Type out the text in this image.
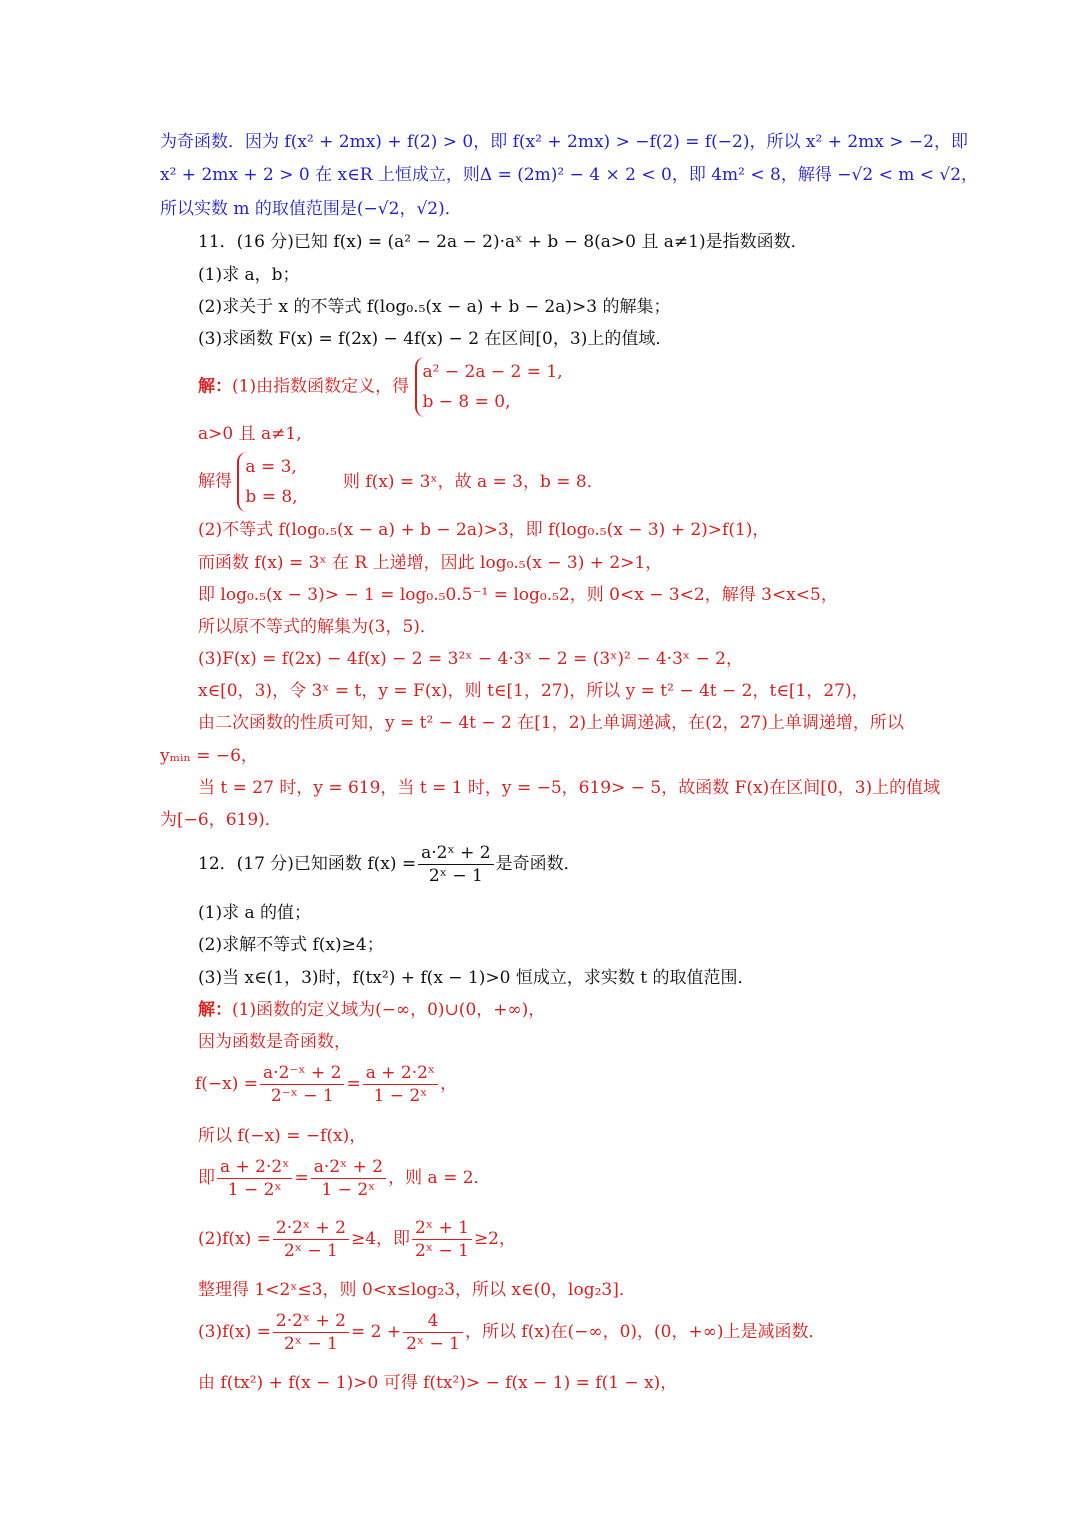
为奇函数．因为 f(x² + 2mx) + f(2) > 0，即 f(x² + 2mx) > −f(2) = f(−2)，所以 x² + 2mx > −2，即
x² + 2mx + 2 > 0 在 x∈R 上恒成立，则Δ = (2m)² − 4 × 2 < 0，即 4m² < 8，解得 −√2 < m < √2，
所以实数 m 的取值范围是(−√2，√2)．
11．(16 分)已知 f(x) = (a² − 2a − 2)·aˣ + b − 8(a>0 且 a≠1)是指数函数．
(1)求 a，b；
(2)求关于 x 的不等式 f(log₀.₅(x − a) + b − 2a)>3 的解集；
(3)求函数 F(x) = f(2x) − 4f(x) − 2 在区间[0，3)上的值域．
解：(1)由指数函数定义，得
a² − 2a − 2 = 1,
b − 8 = 0,
a>0 且 a≠1,
解得
a = 3,
b = 8,
则 f(x) = 3ˣ，故 a = 3，b = 8．
(2)不等式 f(log₀.₅(x − a) + b − 2a)>3，即 f(log₀.₅(x − 3) + 2)>f(1)，
而函数 f(x) = 3ˣ 在 R 上递增，因此 log₀.₅(x − 3) + 2>1，
即 log₀.₅(x − 3)> − 1 = log₀.₅0.5⁻¹ = log₀.₅2，则 0<x − 3<2，解得 3<x<5，
所以原不等式的解集为(3，5)．
(3)F(x) = f(2x) − 4f(x) − 2 = 3²ˣ − 4·3ˣ − 2 = (3ˣ)² − 4·3ˣ − 2，
x∈[0，3)，令 3ˣ = t，y = F(x)，则 t∈[1，27)，所以 y = t² − 4t − 2，t∈[1，27)，
由二次函数的性质可知，y = t² − 4t − 2 在[1，2)上单调递减，在(2，27)上单调递增，所以
yₘᵢₙ = −6，
当 t = 27 时，y = 619，当 t = 1 时，y = −5，619> − 5，故函数 F(x)在区间[0，3)上的值域
为[−6，619)．
12．(17 分)已知函数 $f(x) = \frac{\text{a·2ˣ + 2}}{\text{2ˣ − 1}}$ 是奇函数．
(1)求 a 的值；
(2)求解不等式 f(x)≥4；
(3)当 x∈(1，3)时，f(tx²) + f(x − 1)>0 恒成立，求实数 t 的取值范围．
解：(1)函数的定义域为(−∞，0)∪(0，+∞)，
因为函数是奇函数，
$f(-x) = \frac{\text{a·2⁻ˣ + 2}}{\text{2⁻ˣ − 1}} = \frac{\text{a + 2·2ˣ}}{\text{1 − 2ˣ}}$ ，
所以 f(−x) = −f(x)，
即 $\frac{\text{a + 2·2ˣ}}{\text{1 − 2ˣ}} = \frac{\text{a·2ˣ + 2}}{\text{1 − 2ˣ}}$ ，则 a = 2．
$(2)f(x) = \frac{\text{2·2ˣ + 2}}{\text{2ˣ − 1}} \ge 4$，即 $\frac{\text{2ˣ + 1}}{\text{2ˣ − 1}} \ge 2$，
整理得 1<2ˣ≤3，则 0<x≤log₂3，所以 x∈(0，log₂3]．
$(3)f(x) = \frac{\text{2·2ˣ + 2}}{\text{2ˣ − 1}} = 2 + \frac{4}{\text{2ˣ − 1}}$ ，所以 f(x)在(−∞，0)，(0，+∞)上是减函数．
由 f(tx²) + f(x − 1)>0 可得 f(tx²)> − f(x − 1) = f(1 − x)，
